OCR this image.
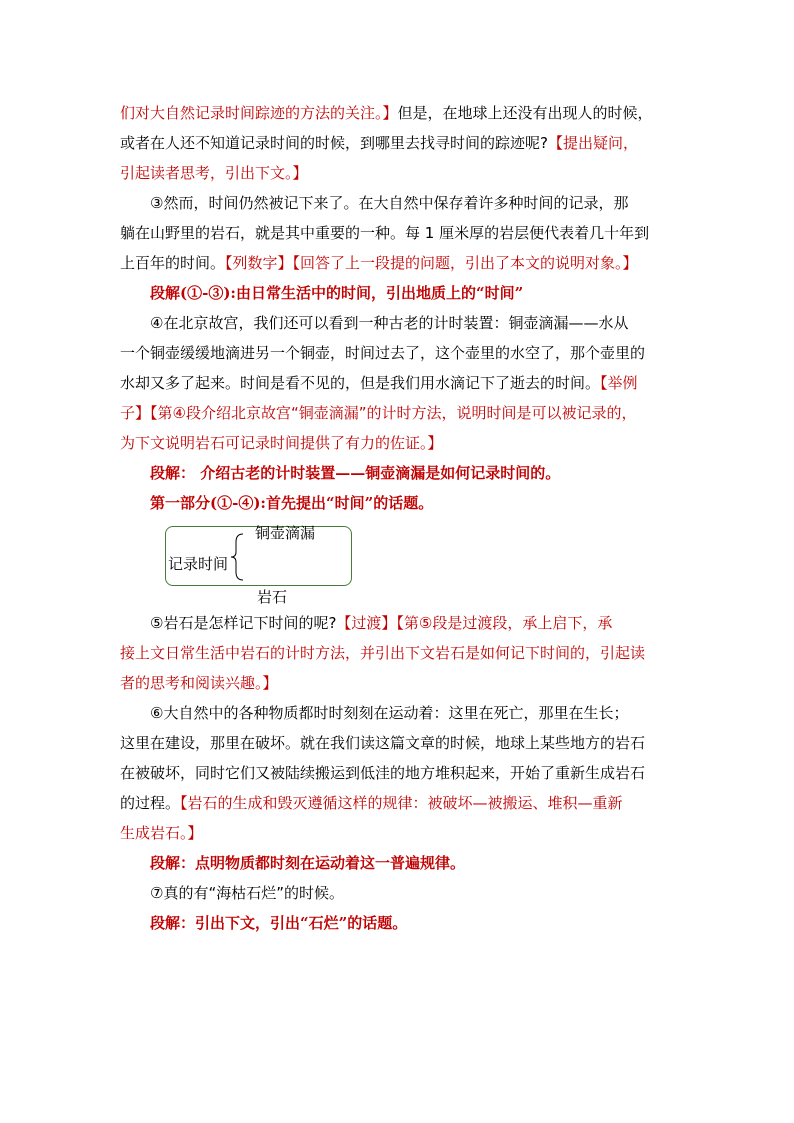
们对大自然记录时间踪迹的方法的关注。】但是，在地球上还没有出现人的时候，
或者在人还不知道记录时间的时候，到哪里去找寻时间的踪迹呢?【提出疑问，
引起读者思考，引出下文。】
③然而，时间仍然被记下来了。在大自然中保存着许多种时间的记录，那
躺在山野里的岩石，就是其中重要的一种。每 1 厘米厚的岩层便代表着几十年到
上百年的时间。【列数字】【回答了上一段提的问题，引出了本文的说明对象。】
段解(①-③):由日常生活中的时间，引出地质上的“时间”
④在北京故宫，我们还可以看到一种古老的计时装置：铜壶滴漏——水从
一个铜壶缓缓地滴进另一个铜壶，时间过去了，这个壶里的水空了，那个壶里的
水却又多了起来。时间是看不见的，但是我们用水滴记下了逝去的时间。【举例
子】【第④段介绍北京故宫“铜壶滴漏”的计时方法，说明时间是可以被记录的，
为下文说明岩石可记录时间提供了有力的佐证。】
段解： 介绍古老的计时装置——铜壶滴漏是如何记录时间的。
第一部分(①-④):首先提出“时间”的话题。
记录时间
铜壶滴漏
岩石
⑤岩石是怎样记下时间的呢?【过渡】【第⑤段是过渡段，承上启下，承
接上文日常生活中岩石的计时方法，并引出下文岩石是如何记下时间的，引起读
者的思考和阅读兴趣。】
⑥大自然中的各种物质都时时刻刻在运动着：这里在死亡，那里在生长；
这里在建设，那里在破坏。就在我们读这篇文章的时候，地球上某些地方的岩石
在被破坏，同时它们又被陆续搬运到低洼的地方堆积起来，开始了重新生成岩石
的过程。【岩石的生成和毁灭遵循这样的规律：被破坏—被搬运、堆积—重新
生成岩石。】
段解：点明物质都时刻在运动着这一普遍规律。
⑦真的有“海枯石烂”的时候。
段解：引出下文，引出“石烂”的话题。
